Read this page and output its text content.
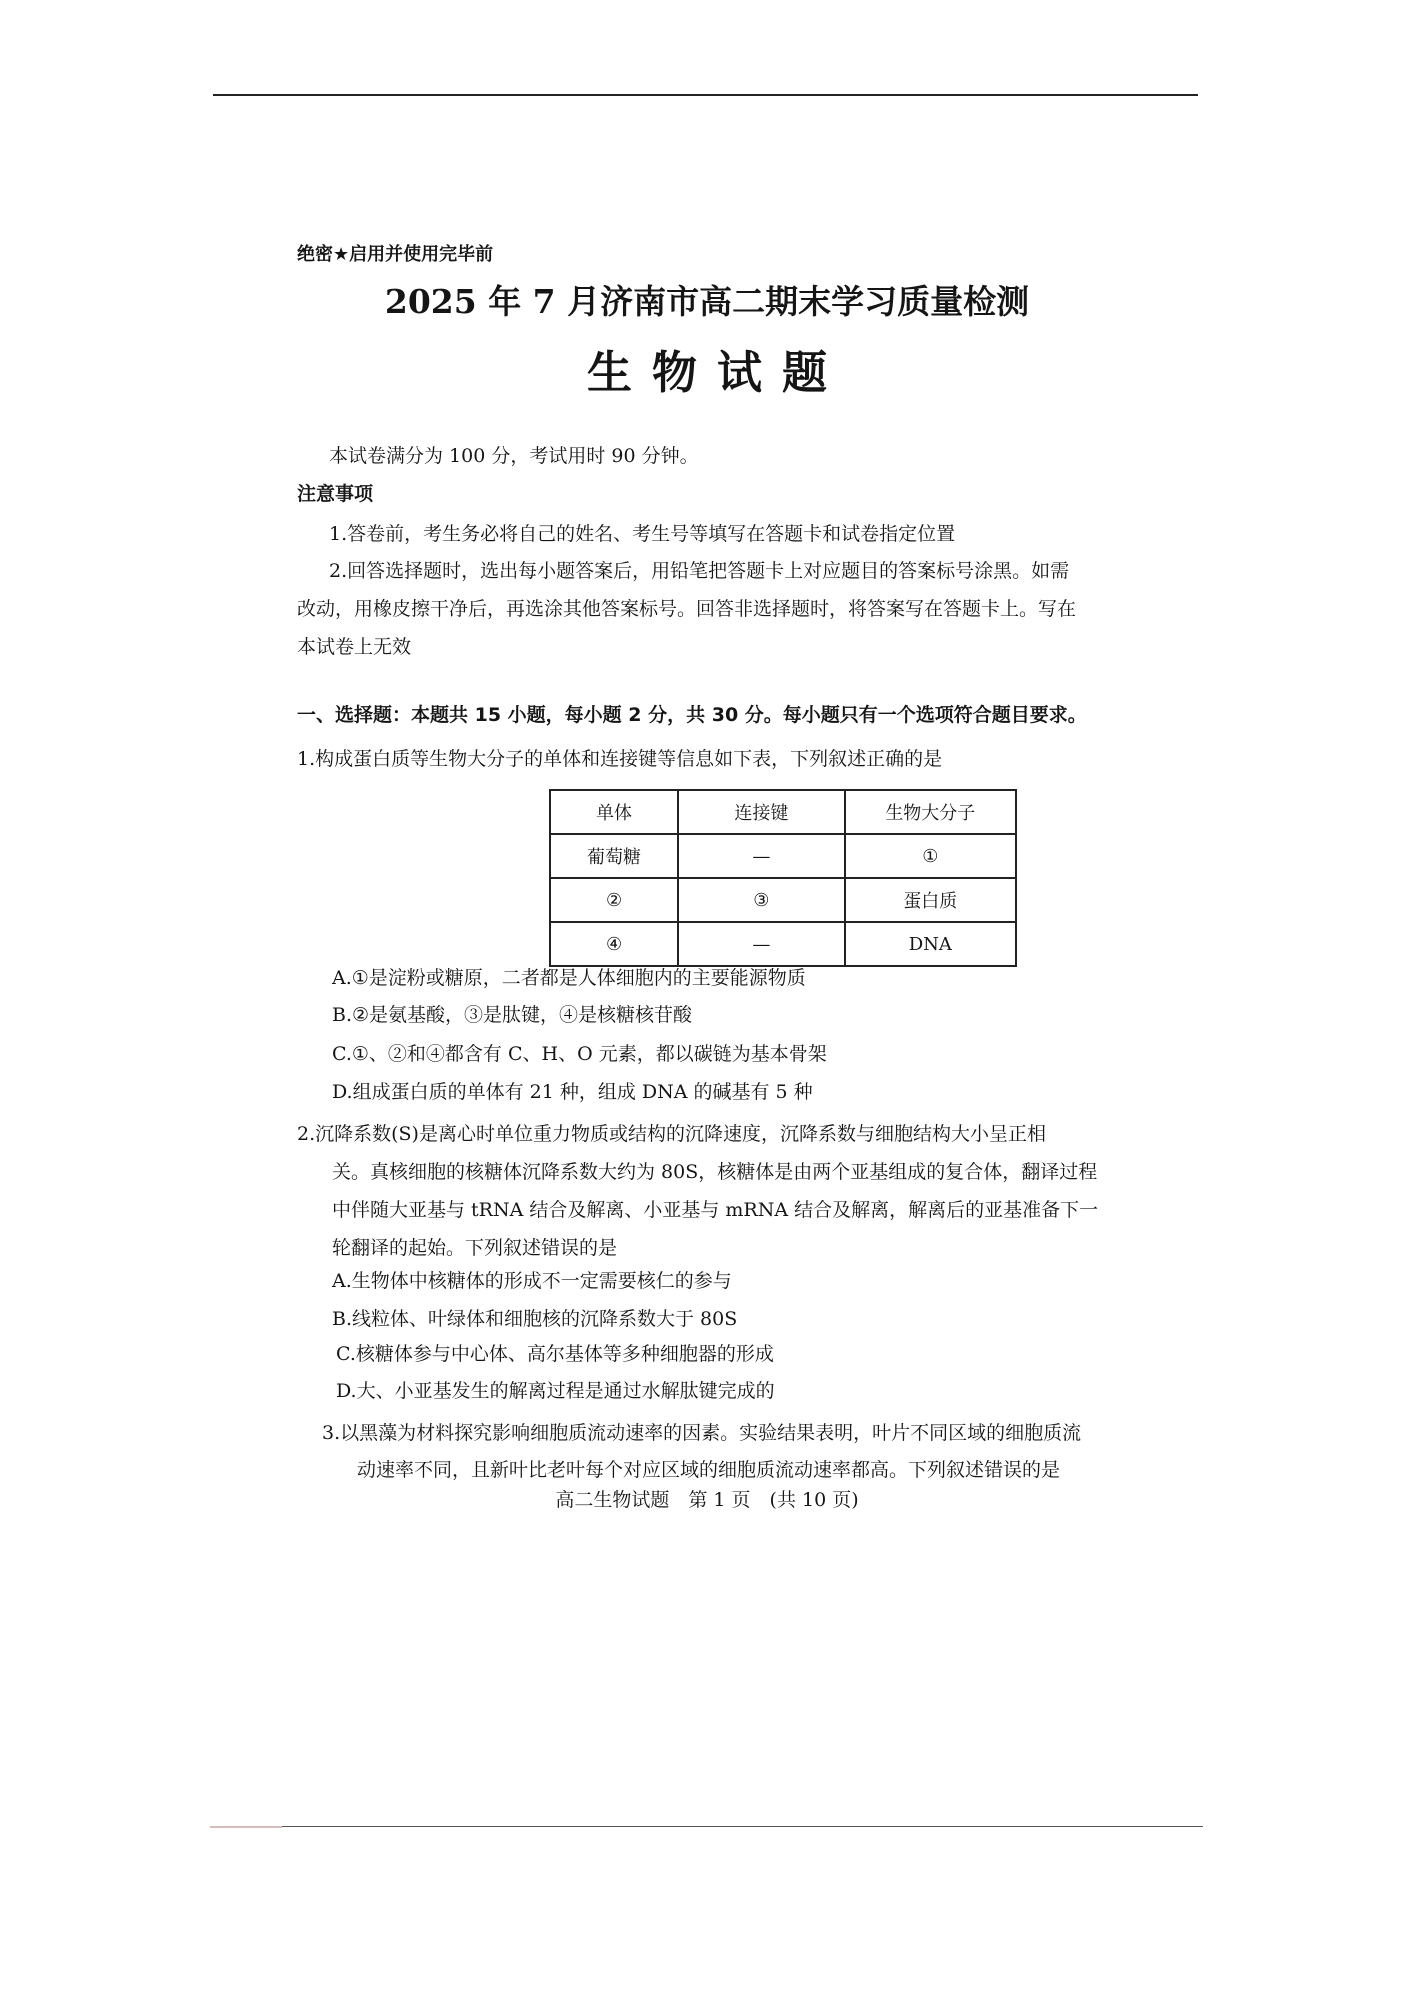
绝密★启用并使用完毕前
2025 年 7 月济南市高二期末学习质量检测
生物试题
本试卷满分为 100 分，考试用时 90 分钟。
注意事项
1.答卷前，考生务必将自己的姓名、考生号等填写在答题卡和试卷指定位置
2.回答选择题时，选出每小题答案后，用铅笔把答题卡上对应题目的答案标号涂黑。如需
改动，用橡皮擦干净后，再选涂其他答案标号。回答非选择题时，将答案写在答题卡上。写在
本试卷上无效
一、选择题：本题共 15 小题，每小题 2 分，共 30 分。每小题只有一个选项符合题目要求。
1.构成蛋白质等生物大分子的单体和连接键等信息如下表，下列叙述正确的是
单体	连接键	生物大分子
葡萄糖	—	①
②	③	蛋白质
④	—	DNA
A.①是淀粉或糖原，二者都是人体细胞内的主要能源物质
B.②是氨基酸，③是肽键，④是核糖核苷酸
C.①、②和④都含有 C、H、O 元素，都以碳链为基本骨架
D.组成蛋白质的单体有 21 种，组成 DNA 的碱基有 5 种
2.沉降系数(S)是离心时单位重力物质或结构的沉降速度，沉降系数与细胞结构大小呈正相
关。真核细胞的核糖体沉降系数大约为 80S，核糖体是由两个亚基组成的复合体，翻译过程
中伴随大亚基与 tRNA 结合及解离、小亚基与 mRNA 结合及解离，解离后的亚基准备下一
轮翻译的起始。下列叙述错误的是
A.生物体中核糖体的形成不一定需要核仁的参与
B.线粒体、叶绿体和细胞核的沉降系数大于 80S
C.核糖体参与中心体、高尔基体等多种细胞器的形成
D.大、小亚基发生的解离过程是通过水解肽键完成的
3.以黑藻为材料探究影响细胞质流动速率的因素。实验结果表明，叶片不同区域的细胞质流
动速率不同，且新叶比老叶每个对应区域的细胞质流动速率都高。下列叙述错误的是
高二生物试题　第 1 页　(共 10 页)
